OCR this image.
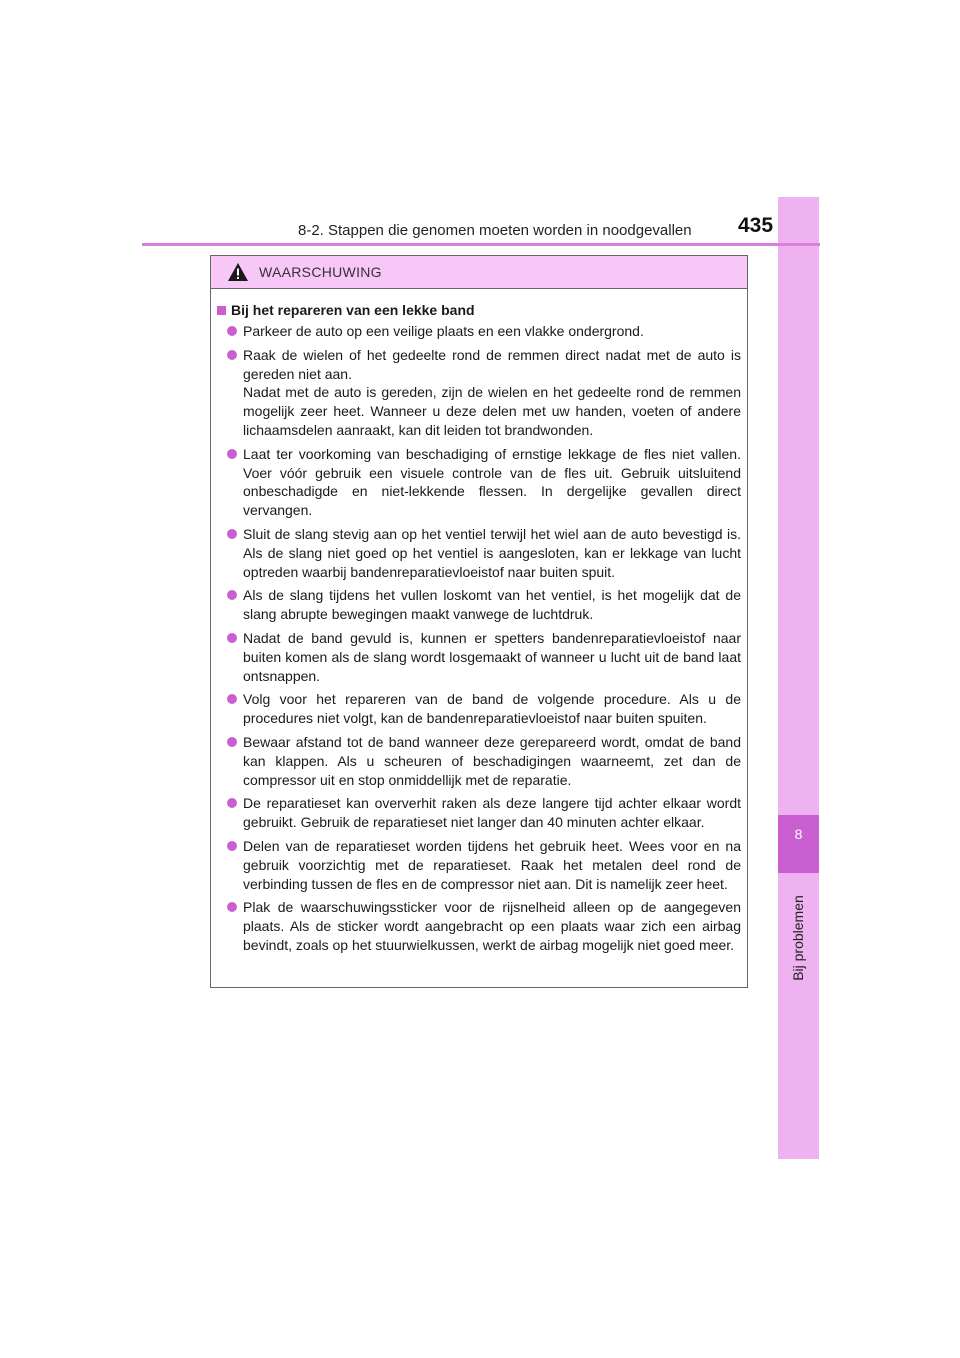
8
Bij problemen
8-2. Stappen die genomen moeten worden in noodgevallen 435
WAARSCHUWING
Bij het repareren van een lekke band
Parkeer de auto op een veilige plaats en een vlakke ondergrond.
Raak de wielen of het gedeelte rond de remmen direct nadat met de auto is gereden niet aan.
Nadat met de auto is gereden, zijn de wielen en het gedeelte rond de remmen mogelijk zeer heet. Wanneer u deze delen met uw handen, voeten of andere lichaamsdelen aanraakt, kan dit leiden tot brandwonden.
Laat ter voorkoming van beschadiging of ernstige lekkage de fles niet vallen. Voer vóór gebruik een visuele controle van de fles uit. Gebruik uitsluitend onbeschadigde en niet-lekkende flessen. In dergelijke gevallen direct vervangen.
Sluit de slang stevig aan op het ventiel terwijl het wiel aan de auto bevestigd is. Als de slang niet goed op het ventiel is aangesloten, kan er lekkage van lucht optreden waarbij bandenreparatievloeistof naar buiten spuit.
Als de slang tijdens het vullen loskomt van het ventiel, is het mogelijk dat de slang abrupte bewegingen maakt vanwege de luchtdruk.
Nadat de band gevuld is, kunnen er spetters bandenreparatievloeistof naar buiten komen als de slang wordt losgemaakt of wanneer u lucht uit de band laat ontsnappen.
Volg voor het repareren van de band de volgende procedure. Als u de procedures niet volgt, kan de bandenreparatievloeistof naar buiten spuiten.
Bewaar afstand tot de band wanneer deze gerepareerd wordt, omdat de band kan klappen. Als u scheuren of beschadigingen waarneemt, zet dan de compressor uit en stop onmiddellijk met de reparatie.
De reparatieset kan oververhit raken als deze langere tijd achter elkaar wordt gebruikt. Gebruik de reparatieset niet langer dan 40 minuten achter elkaar.
Delen van de reparatieset worden tijdens het gebruik heet. Wees voor en na gebruik voorzichtig met de reparatieset. Raak het metalen deel rond de verbinding tussen de fles en de compressor niet aan. Dit is namelijk zeer heet.
Plak de waarschuwingssticker voor de rijsnelheid alleen op de aangegeven plaats. Als de sticker wordt aangebracht op een plaats waar zich een airbag bevindt, zoals op het stuurwielkussen, werkt de airbag mogelijk niet goed meer.
